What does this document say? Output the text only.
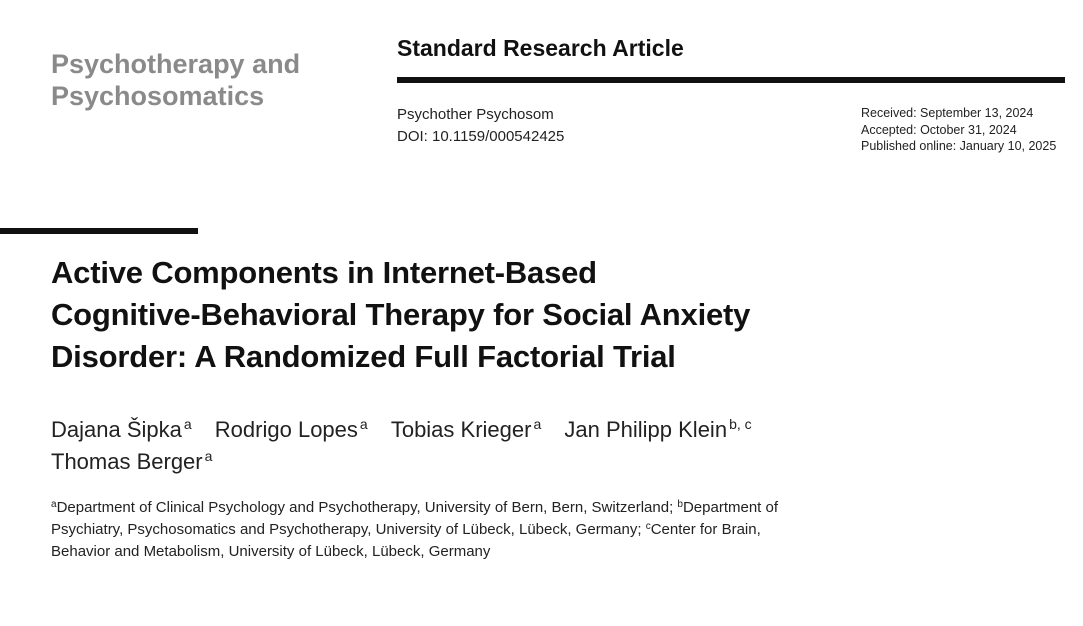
Psychotherapy and
Psychosomatics
Standard Research Article
Psychother Psychosom
DOI: 10.1159/000542425
Received: September 13, 2024
Accepted: October 31, 2024
Published online: January 10, 2025
Active Components in Internet-Based
Cognitive-Behavioral Therapy for Social Anxiety
Disorder: A Randomized Full Factorial Trial
Dajana Šipka $^a$ Rodrigo Lopes $^a$ Tobias Krieger $^a$ Jan Philipp Klein $^{b, c}$
Thomas Berger $^a$
$^a$Department of Clinical Psychology and Psychotherapy, University of Bern, Bern, Switzerland; $^b$Department of
Psychiatry, Psychosomatics and Psychotherapy, University of Lübeck, Lübeck, Germany; $^c$Center for Brain,
Behavior and Metabolism, University of Lübeck, Lübeck, Germany
